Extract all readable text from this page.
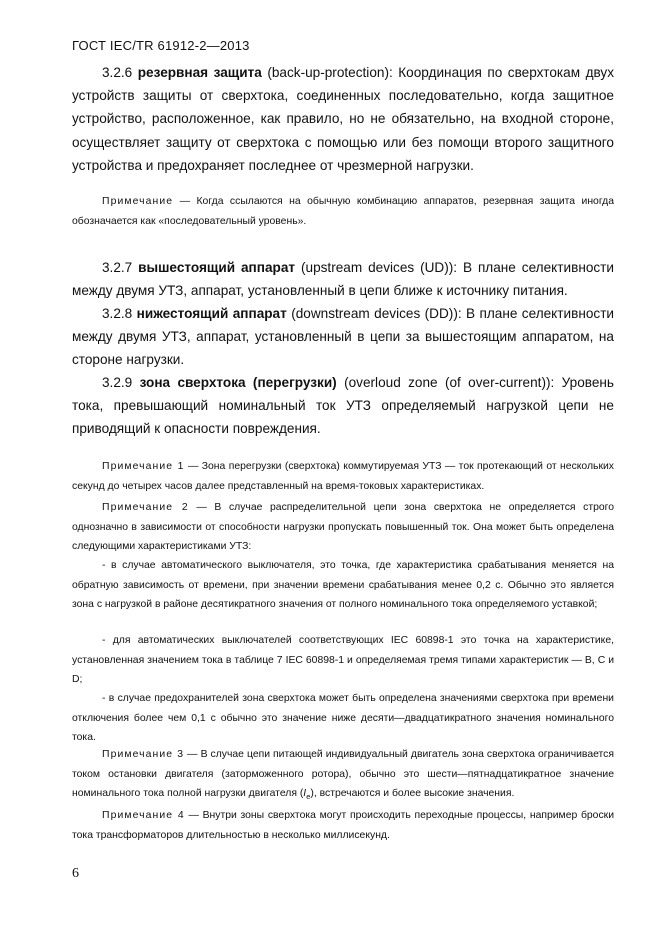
ГОСТ IEC/TR 61912-2—2013

3.2.6 резервная защита (back-up-protection): Координация по сверхтокам двух устройств защиты от сверхтока, соединенных последовательно, когда защитное устройство, расположенное, как правило, но не обязательно, на входной стороне, осуществляет защиту от сверхтока с помощью или без помощи второго защитного устройства и предохраняет последнее от чрезмерной нагрузки.

Примечание — Когда ссылаются на обычную комбинацию аппаратов, резервная защита иногда обозначается как «последовательный уровень».

3.2.7 вышестоящий аппарат (upstream devices (UD)): В плане селективности между двумя УТЗ, аппарат, установленный в цепи ближе к источнику питания.

3.2.8 нижестоящий аппарат (downstream devices (DD)): В плане селективности между двумя УТЗ, аппарат, установленный в цепи за вышестоящим аппаратом, на стороне нагрузки.

3.2.9 зона сверхтока (перегрузки) (overloud zone (of over-current)): Уровень тока, превышающий номинальный ток УТЗ определяемый нагрузкой цепи не приводящий к опасности повреждения.

Примечание 1 — Зона перегрузки (сверхтока) коммутируемая УТЗ — ток протекающий от нескольких секунд до четырех часов далее представленный на время-токовых характеристиках.

Примечание 2 — В случае распределительной цепи зона сверхтока не определяется строго однозначно в зависимости от способности нагрузки пропускать повышенный ток. Она может быть определена следующими характеристиками УТЗ:

- в случае автоматического выключателя, это точка, где характеристика срабатывания меняется на обратную зависимость от времени, при значении времени срабатывания менее 0,2 с. Обычно это является зона с нагрузкой в районе десятикратного значения от полного номинального тока определяемого уставкой;

- для автоматических выключателей соответствующих IEC 60898-1 это точка на характеристике, установленная значением тока в таблице 7 IEC 60898-1 и определяемая тремя типами характеристик — В, С и D;

- в случае предохранителей зона сверхтока может быть определена значениями сверхтока при времени отключения более чем 0,1 с обычно это значение ниже десяти—двадцатикратного значения номинального тока.

Примечание 3 — В случае цепи питающей индивидуальный двигатель зона сверхтока ограничивается током остановки двигателя (заторможенного ротора), обычно это шести—пятнадцатикратное значение номинального тока полной нагрузки двигателя $(I_e)$, встречаются и более высокие значения.

Примечание 4 — Внутри зоны сверхтока могут происходить переходные процессы, например броски тока трансформаторов длительностью в несколько миллисекунд.

6
